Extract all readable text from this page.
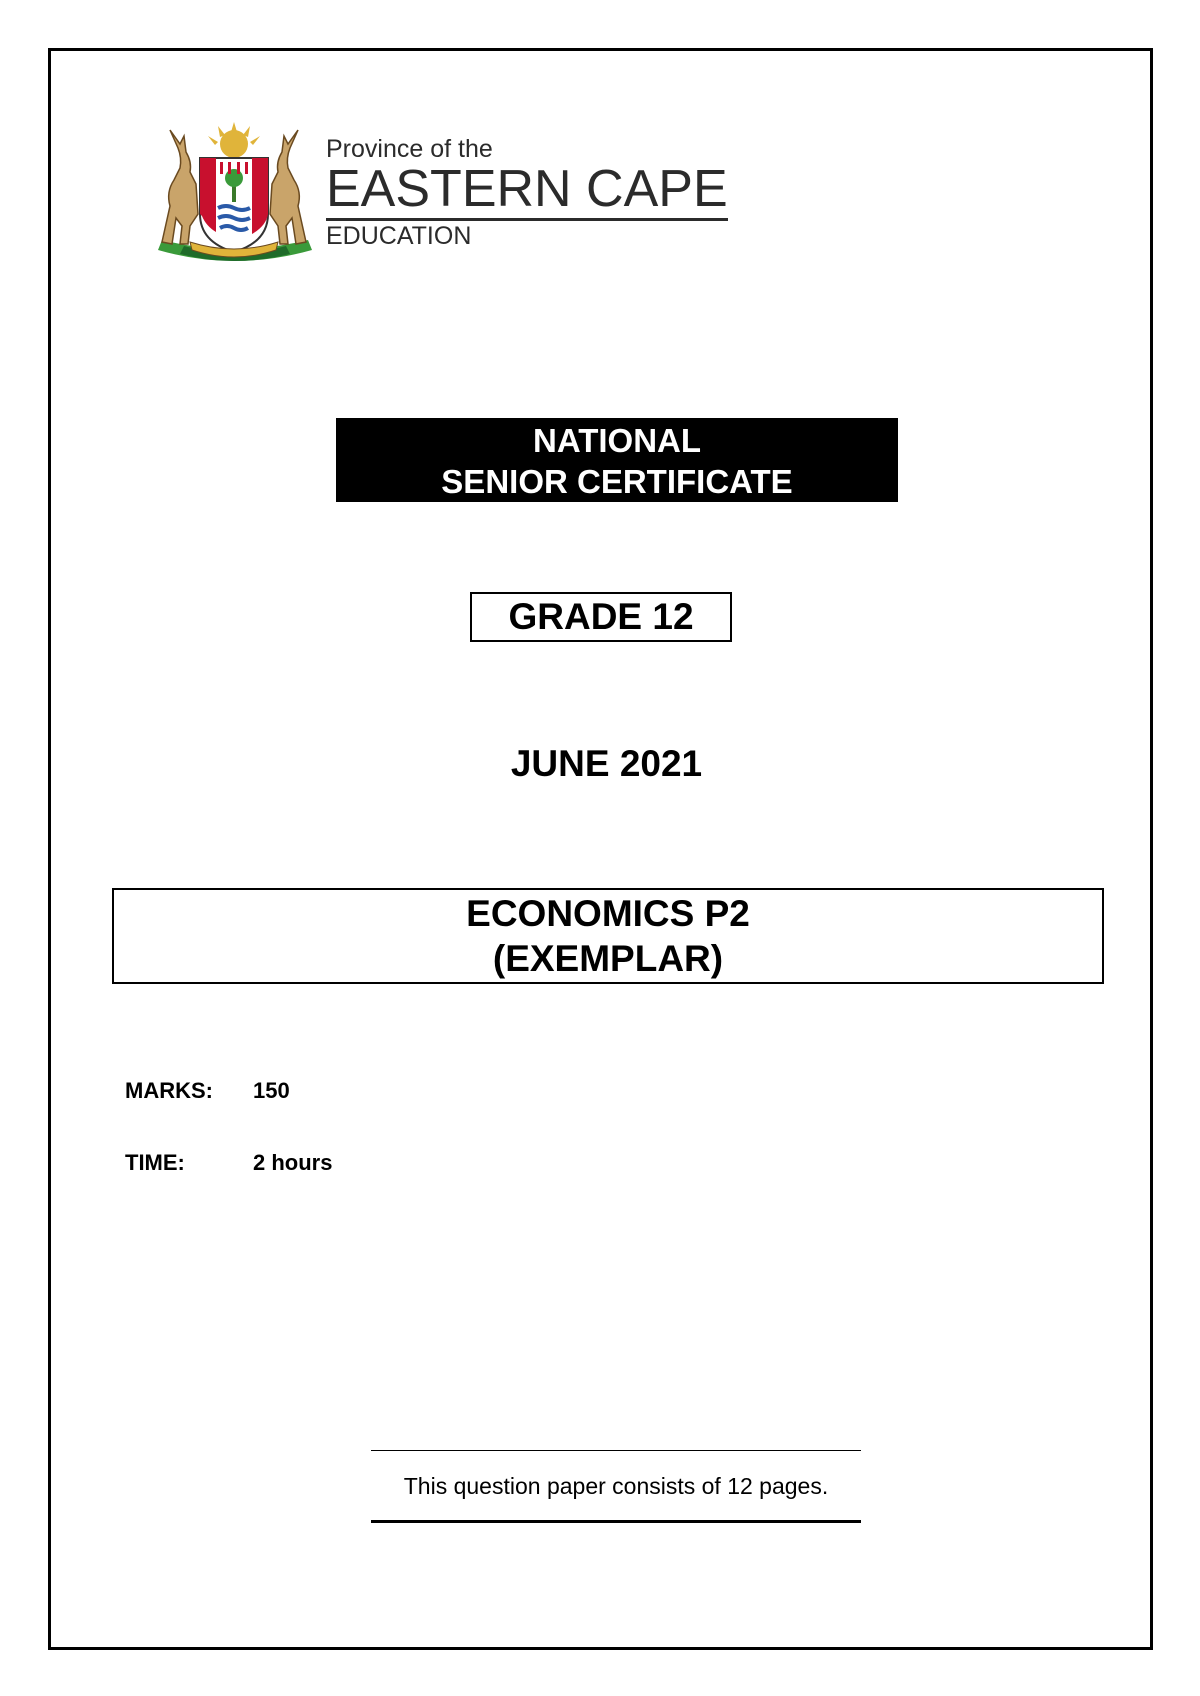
Province of the
EASTERN CAPE
EDUCATION
NATIONAL
SENIOR CERTIFICATE
GRADE 12
JUNE 2021
ECONOMICS P2
(EXEMPLAR)
MARKS: 150
TIME:	2 hours
This question paper consists of 12 pages.
